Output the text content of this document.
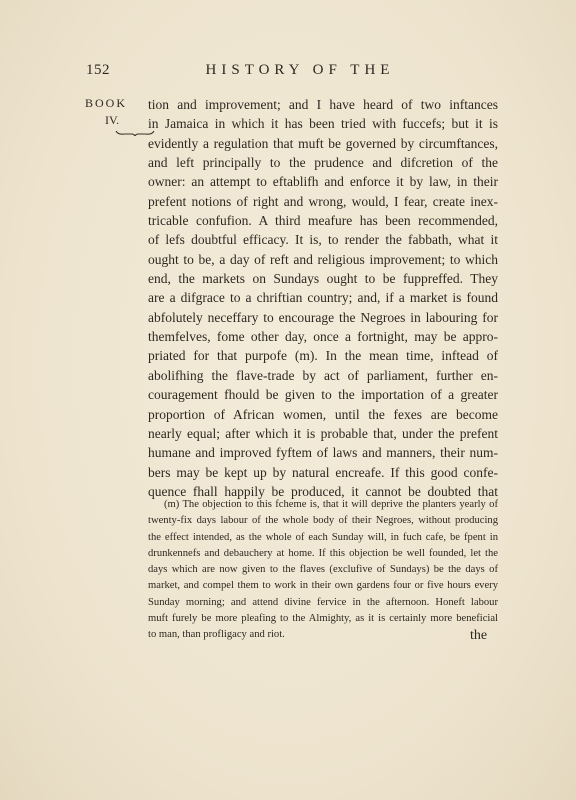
152	HISTORY OF THE
BOOK
IV.
tion and improvement; and I have heard of two inftances
in Jamaica in which it has been tried with fuccefs; but it is
evidently a regulation that muft be governed by circumftances,
and left principally to the prudence and difcretion of the
owner: an attempt to eftablifh and enforce it by law, in their
prefent notions of right and wrong, would, I fear, create inex-
tricable confufion. A third meafure has been recommended,
of lefs doubtful efficacy. It is, to render the fabbath, what it
ought to be, a day of reft and religious improvement; to which
end, the markets on Sundays ought to be fuppreffed. They
are a difgrace to a chriftian country; and, if a market is found
abfolutely neceffary to encourage the Negroes in labouring for
themfelves, fome other day, once a fortnight, may be appro-
priated for that purpofe (m). In the mean time, inftead of
abolifhing the flave-trade by act of parliament, further en-
couragement fhould be given to the importation of a greater
proportion of African women, until the fexes are become
nearly equal; after which it is probable that, under the prefent
humane and improved fyftem of laws and manners, their num-
bers may be kept up by natural encreafe. If this good confe-
quence fhall happily be produced, it cannot be doubted that
(m) The objection to this fcheme is, that it will deprive the planters yearly of
twenty-fix days labour of the whole body of their Negroes, without producing
the effect intended, as the whole of each Sunday will, in fuch cafe, be fpent in
drunkennefs and debauchery at home. If this objection be well founded, let the
days which are now given to the flaves (exclufive of Sundays) be the days of
market, and compel them to work in their own gardens four or five hours every
Sunday morning; and attend divine fervice in the afternoon. Honeft labour
muft furely be more pleafing to the Almighty, as it is certainly more beneficial
to man, than profligacy and riot.	the
